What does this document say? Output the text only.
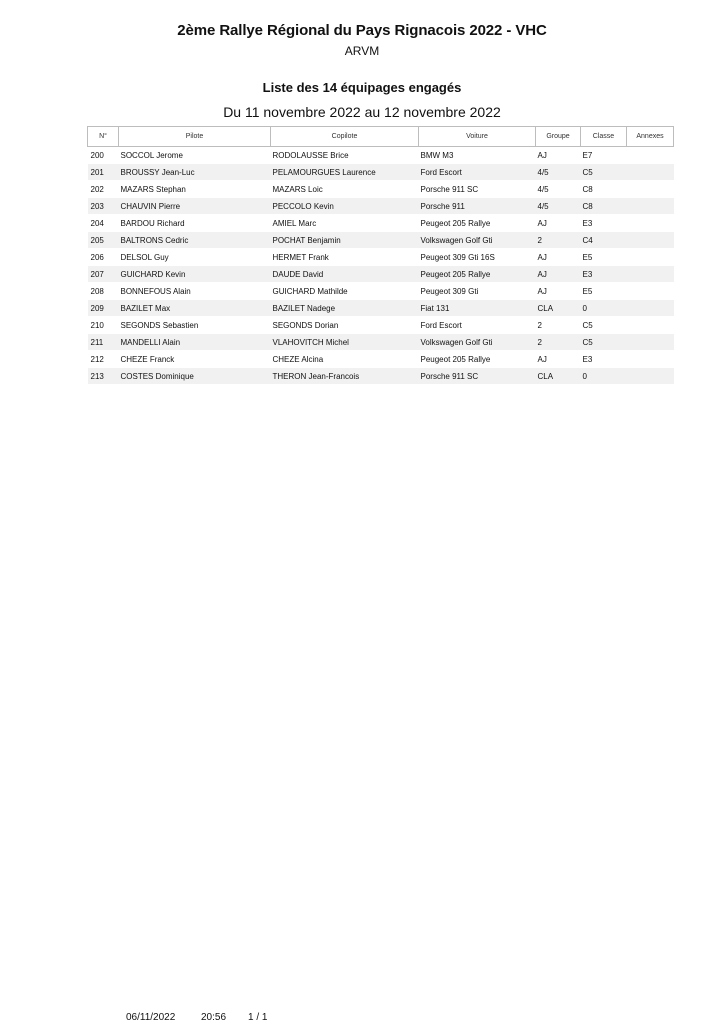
2ème Rallye Régional du Pays Rignacois 2022 - VHC
ARVM
Liste des 14 équipages engagés
Du 11 novembre 2022 au 12 novembre 2022
N°	Pilote	Copilote	Voiture	Groupe	Classe	Annexes
200	SOCCOL Jerome	RODOLAUSSE Brice	BMW M3	AJ	E7	
201	BROUSSY Jean-Luc	PELAMOURGUES Laurence	Ford Escort	4/5	C5	
202	MAZARS Stephan	MAZARS Loic	Porsche 911 SC	4/5	C8	
203	CHAUVIN Pierre	PECCOLO Kevin	Porsche 911	4/5	C8	
204	BARDOU Richard	AMIEL Marc	Peugeot 205 Rallye	AJ	E3	
205	BALTRONS Cedric	POCHAT Benjamin	Volkswagen Golf Gti	2	C4	
206	DELSOL Guy	HERMET Frank	Peugeot 309 Gti 16S	AJ	E5	
207	GUICHARD Kevin	DAUDE David	Peugeot 205 Rallye	AJ	E3	
208	BONNEFOUS Alain	GUICHARD Mathilde	Peugeot 309 Gti	AJ	E5	
209	BAZILET Max	BAZILET Nadege	Fiat 131	CLA	0	
210	SEGONDS Sebastien	SEGONDS Dorian	Ford Escort	2	C5	
211	MANDELLI Alain	VLAHOVITCH Michel	Volkswagen Golf Gti	2	C5	
212	CHEZE Franck	CHEZE Alcina	Peugeot 205 Rallye	AJ	E3	
213	COSTES Dominique	THERON Jean-Francois	Porsche 911 SC	CLA	0	
06/11/2022	20:56 1 / 1
